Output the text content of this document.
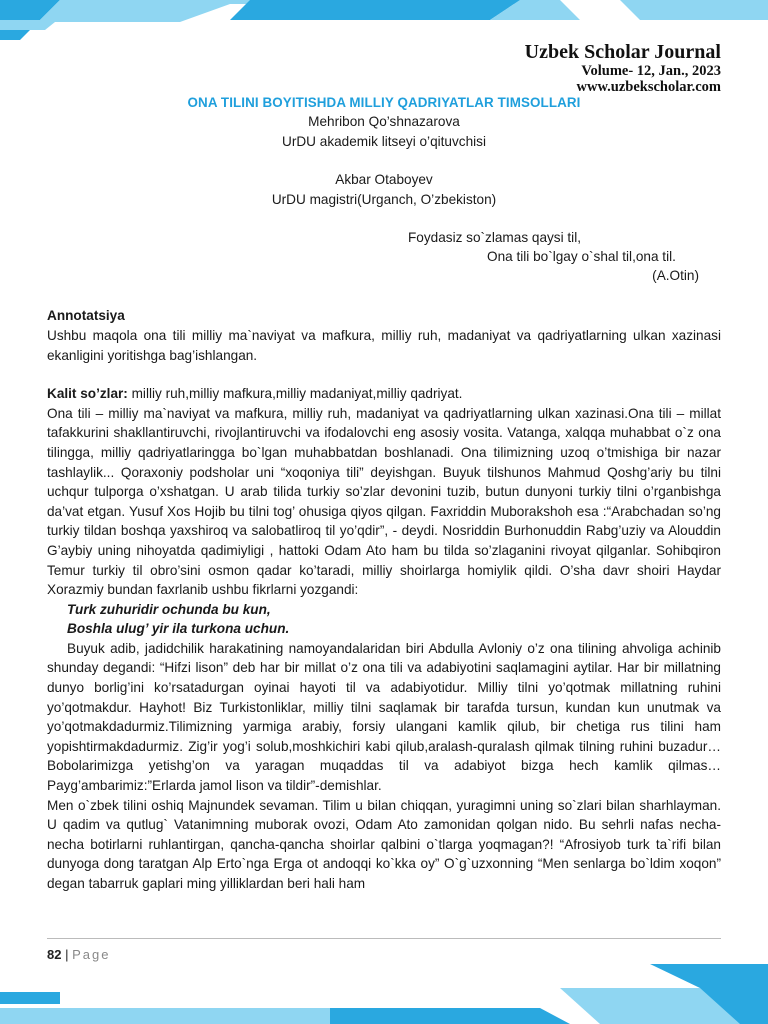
Uzbek Scholar Journal
Volume- 12, Jan., 2023
www.uzbekscholar.com
ONA TILINI BOYITISHDA MILLIY QADRIYATLAR TIMSOLLARI
Mehribon Qo’shnazarova
UrDU akademik litseyi o’qituvchisi
Akbar Otaboyev
UrDU magistri(Urganch, O’zbekiston)
Foydasiz so`zlamas qaysi til,
Ona tili bo`lgay o`shal til,ona til.
(A.Otin)
Annotatsiya
Ushbu maqola ona tili milliy ma`naviyat va mafkura, milliy ruh, madaniyat va qadriyatlarning ulkan xazinasi ekanligini yoritishga bag’ishlangan.
Kalit so’zlar: milliy ruh,milliy mafkura,milliy madaniyat,milliy qadriyat.
Ona tili – milliy ma`naviyat va mafkura, milliy ruh, madaniyat va qadriyatlarning ulkan xazinasi.Ona tili – millat tafakkurini shakllantiruvchi, rivojlantiruvchi va ifodalovchi eng asosiy vosita. Vatanga, xalqqa muhabbat o`z ona tilingga, milliy qadriyatlaringga bo`lgan muhabbatdan boshlanadi. Ona tilimizning uzoq o’tmishiga bir nazar tashlaylik... Qoraxoniy podsholar uni “xoqoniya tili” deyishgan. Buyuk tilshunos Mahmud Qoshg’ariy bu tilni uchqur tulporga o’xshatgan. U arab tilida turkiy so’zlar devonini tuzib, butun dunyoni turkiy tilni o’rganbishga da’vat etgan. Yusuf Xos Hojib bu tilni tog’ ohusiga qiyos qilgan. Faxriddin Muborakshoh esa :“Arabchadan so’ng turkiy tildan boshqa yaxshiroq va salobatliroq til yo’qdir”, - deydi. Nosriddin Burhonuddin Rabg’uziy va Alouddin G’aybiy uning nihoyatda qadimiyligi , hattoki Odam Ato ham bu tilda so’zlaganini rivoyat qilganlar. Sohibqiron Temur turkiy til obro’sini osmon qadar ko’taradi, milliy shoirlarga homiylik qildi. O’sha davr shoiri Haydar Xorazmiy bundan faxrlanib ushbu fikrlarni yozgandi:
Turk zuhuridir ochunda bu kun,
Boshla ulug’ yir ila turkona uchun.
Buyuk adib, jadidchilik harakatining namoyandalaridan biri Abdulla Avloniy o’z ona tilining ahvoliga achinib shunday degandi: “Hifzi lison” deb har bir millat o’z ona tili va adabiyotini saqlamagini aytilar. Har bir millatning dunyo borlig’ini ko’rsatadurgan oyinai hayoti til va adabiyotidur. Milliy tilni yo’qotmak millatning ruhini yo’qotmakdur. Hayhot! Biz Turkistonliklar, milliy tilni saqlamak bir tarafda tursun, kundan kun unutmak va yo’qotmakdadurmiz.Tilimizning yarmiga arabiy, forsiy ulangani kamlik qilub, bir chetiga rus tilini ham yopishtirmakdadurmiz. Zig’ir yog’i solub,moshkichiri kabi qilub,aralash-quralash qilmak tilning ruhini buzadur… Bobolarimizga yetishg’on va yaragan muqaddas til va adabiyot bizga hech kamlik qilmas… Payg’ambarimiz:”Erlarda jamol lison va tildir”-demishlar.
Men o`zbek tilini oshiq Majnundek sevaman. Tilim u bilan chiqqan, yuragimni uning so`zlari bilan sharhlayman. U qadim va qutlug` Vatanimning muborak ovozi, Odam Ato zamonidan qolgan nido. Bu sehrli nafas necha-necha botirlarni ruhlantirgan, qancha-qancha shoirlar qalbini o`tlarga yoqmagan?! “Afrosiyob turk ta`rifi bilan dunyoga dong taratgan Alp Erto`nga Erga ot andoqqi ko`kka oy” O`g`uzxonning “Men senlarga bo`ldim xoqon” degan tabarruk gaplari ming yilliklardan beri hali ham
82 | Page
